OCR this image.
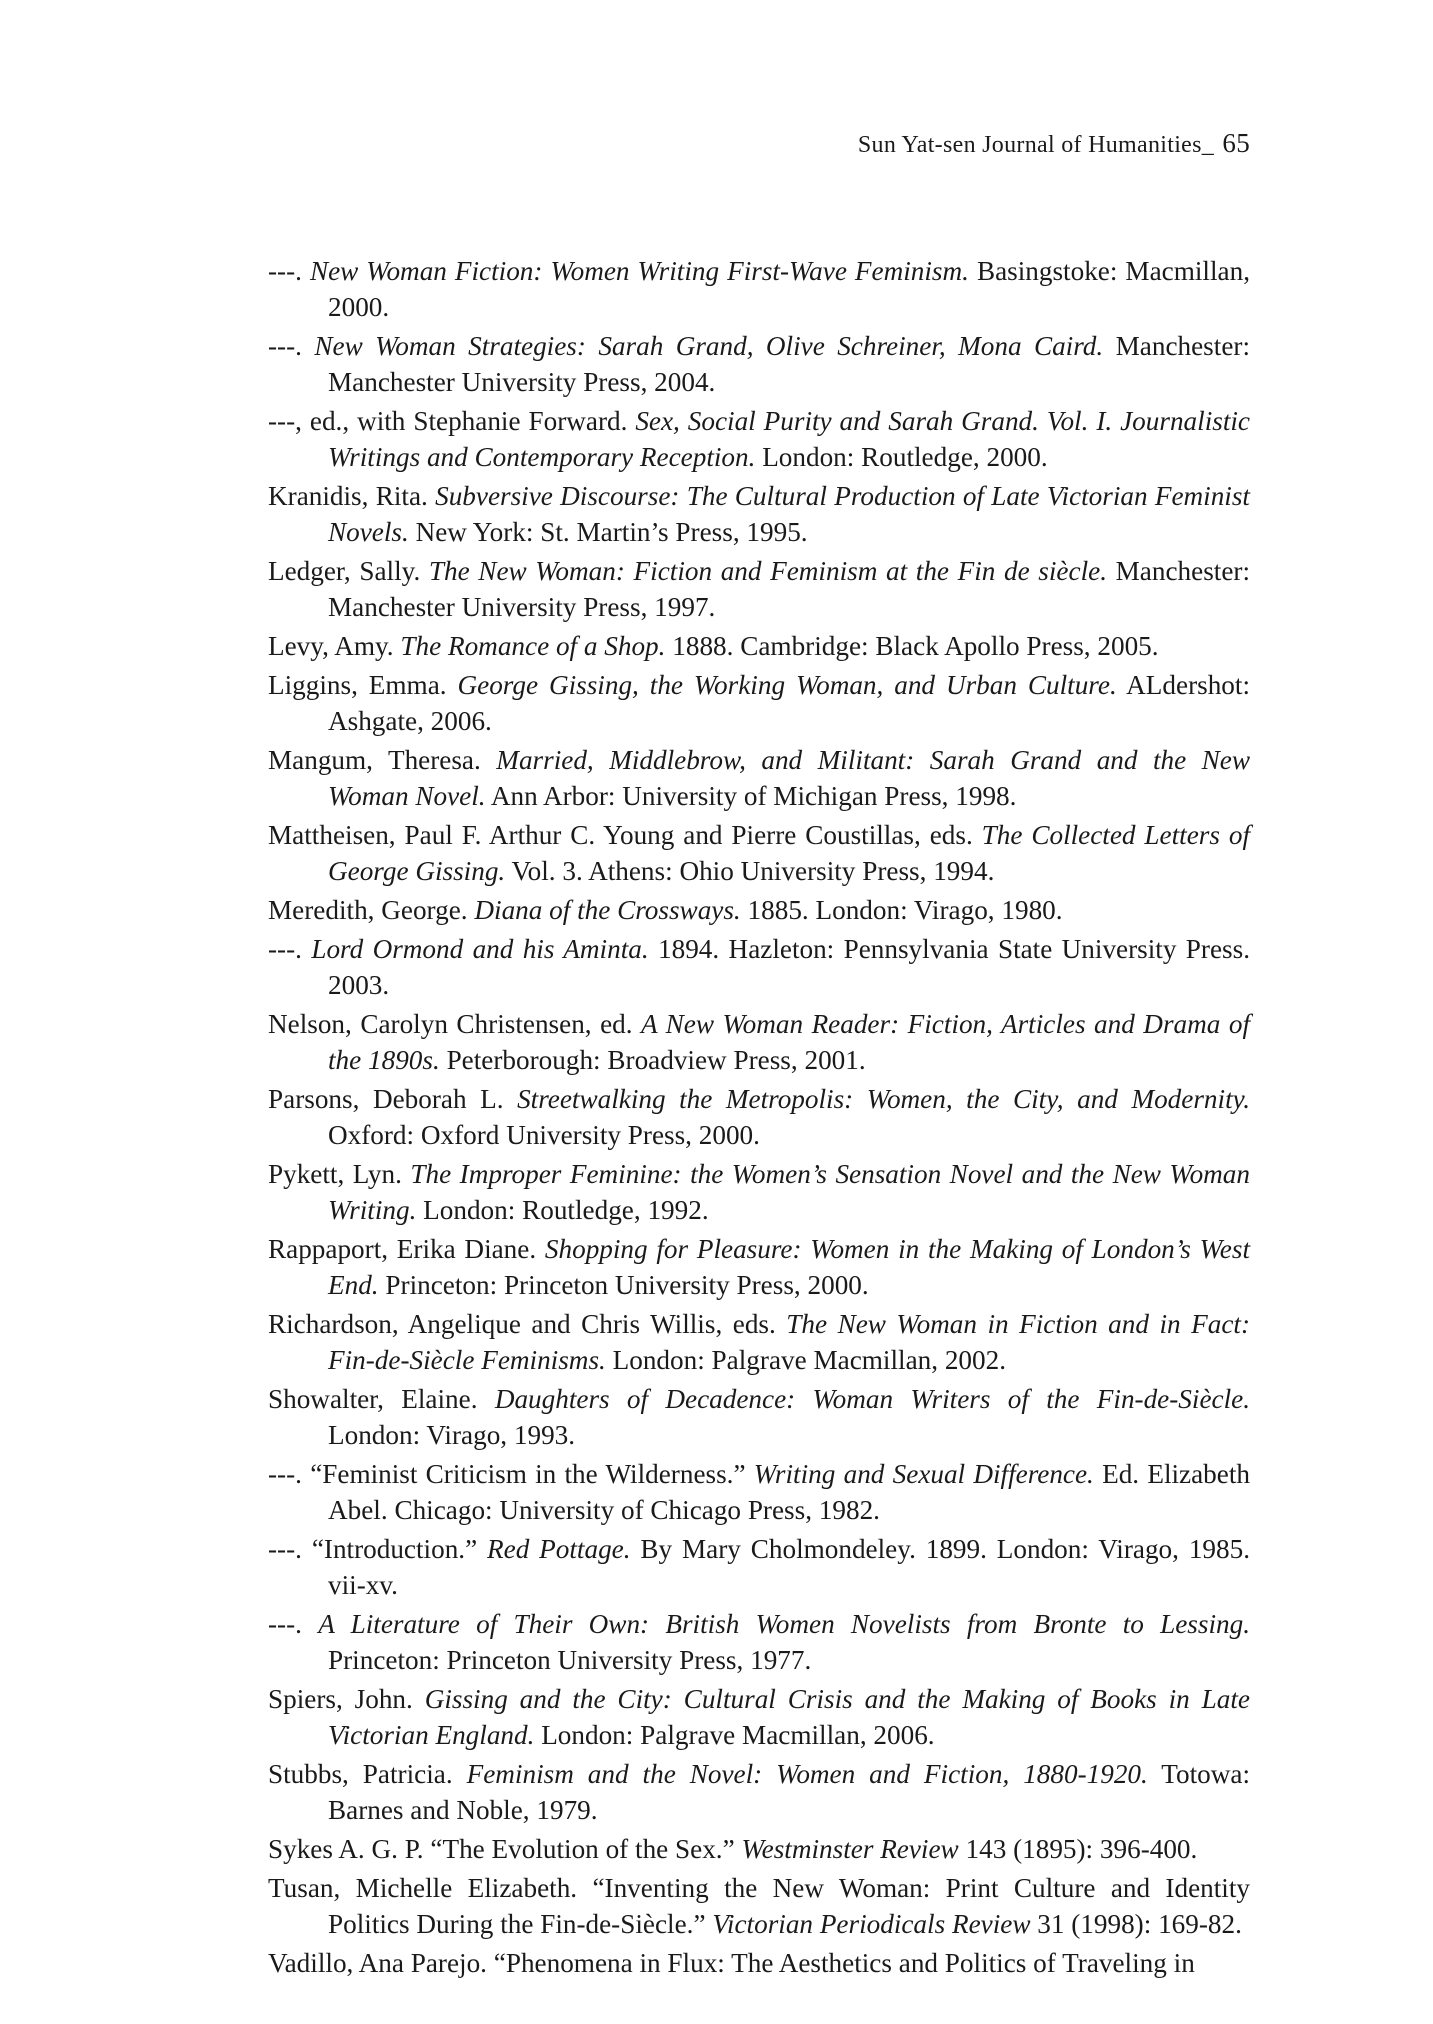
Sun Yat-sen Journal of Humanities_ 65
---. New Woman Fiction: Women Writing First-Wave Feminism. Basingstoke: Macmillan, 2000.
---. New Woman Strategies: Sarah Grand, Olive Schreiner, Mona Caird. Manchester: Manchester University Press, 2004.
---, ed., with Stephanie Forward. Sex, Social Purity and Sarah Grand. Vol. I. Journalistic Writings and Contemporary Reception. London: Routledge, 2000.
Kranidis, Rita. Subversive Discourse: The Cultural Production of Late Victorian Feminist Novels. New York: St. Martin’s Press, 1995.
Ledger, Sally. The New Woman: Fiction and Feminism at the Fin de siècle. Manchester: Manchester University Press, 1997.
Levy, Amy. The Romance of a Shop. 1888. Cambridge: Black Apollo Press, 2005.
Liggins, Emma. George Gissing, the Working Woman, and Urban Culture. ALdershot: Ashgate, 2006.
Mangum, Theresa. Married, Middlebrow, and Militant: Sarah Grand and the New Woman Novel. Ann Arbor: University of Michigan Press, 1998.
Mattheisen, Paul F. Arthur C. Young and Pierre Coustillas, eds. The Collected Letters of George Gissing. Vol. 3. Athens: Ohio University Press, 1994.
Meredith, George. Diana of the Crossways. 1885. London: Virago, 1980.
---. Lord Ormond and his Aminta. 1894. Hazleton: Pennsylvania State University Press. 2003.
Nelson, Carolyn Christensen, ed. A New Woman Reader: Fiction, Articles and Drama of the 1890s. Peterborough: Broadview Press, 2001.
Parsons, Deborah L. Streetwalking the Metropolis: Women, the City, and Modernity. Oxford: Oxford University Press, 2000.
Pykett, Lyn. The Improper Feminine: the Women’s Sensation Novel and the New Woman Writing. London: Routledge, 1992.
Rappaport, Erika Diane. Shopping for Pleasure: Women in the Making of London’s West End. Princeton: Princeton University Press, 2000.
Richardson, Angelique and Chris Willis, eds. The New Woman in Fiction and in Fact: Fin-de-Siècle Feminisms. London: Palgrave Macmillan, 2002.
Showalter, Elaine. Daughters of Decadence: Woman Writers of the Fin-de-Siècle. London: Virago, 1993.
---. “Feminist Criticism in the Wilderness.” Writing and Sexual Difference. Ed. Elizabeth Abel. Chicago: University of Chicago Press, 1982.
---. “Introduction.” Red Pottage. By Mary Cholmondeley. 1899. London: Virago, 1985. vii-xv.
---. A Literature of Their Own: British Women Novelists from Bronte to Lessing. Princeton: Princeton University Press, 1977.
Spiers, John. Gissing and the City: Cultural Crisis and the Making of Books in Late Victorian England. London: Palgrave Macmillan, 2006.
Stubbs, Patricia. Feminism and the Novel: Women and Fiction, 1880-1920. Totowa: Barnes and Noble, 1979.
Sykes A. G. P. “The Evolution of the Sex.” Westminster Review 143 (1895): 396-400.
Tusan, Michelle Elizabeth. “Inventing the New Woman: Print Culture and Identity Politics During the Fin-de-Siècle.” Victorian Periodicals Review 31 (1998): 169-82.
Vadillo, Ana Parejo. “Phenomena in Flux: The Aesthetics and Politics of Traveling in
